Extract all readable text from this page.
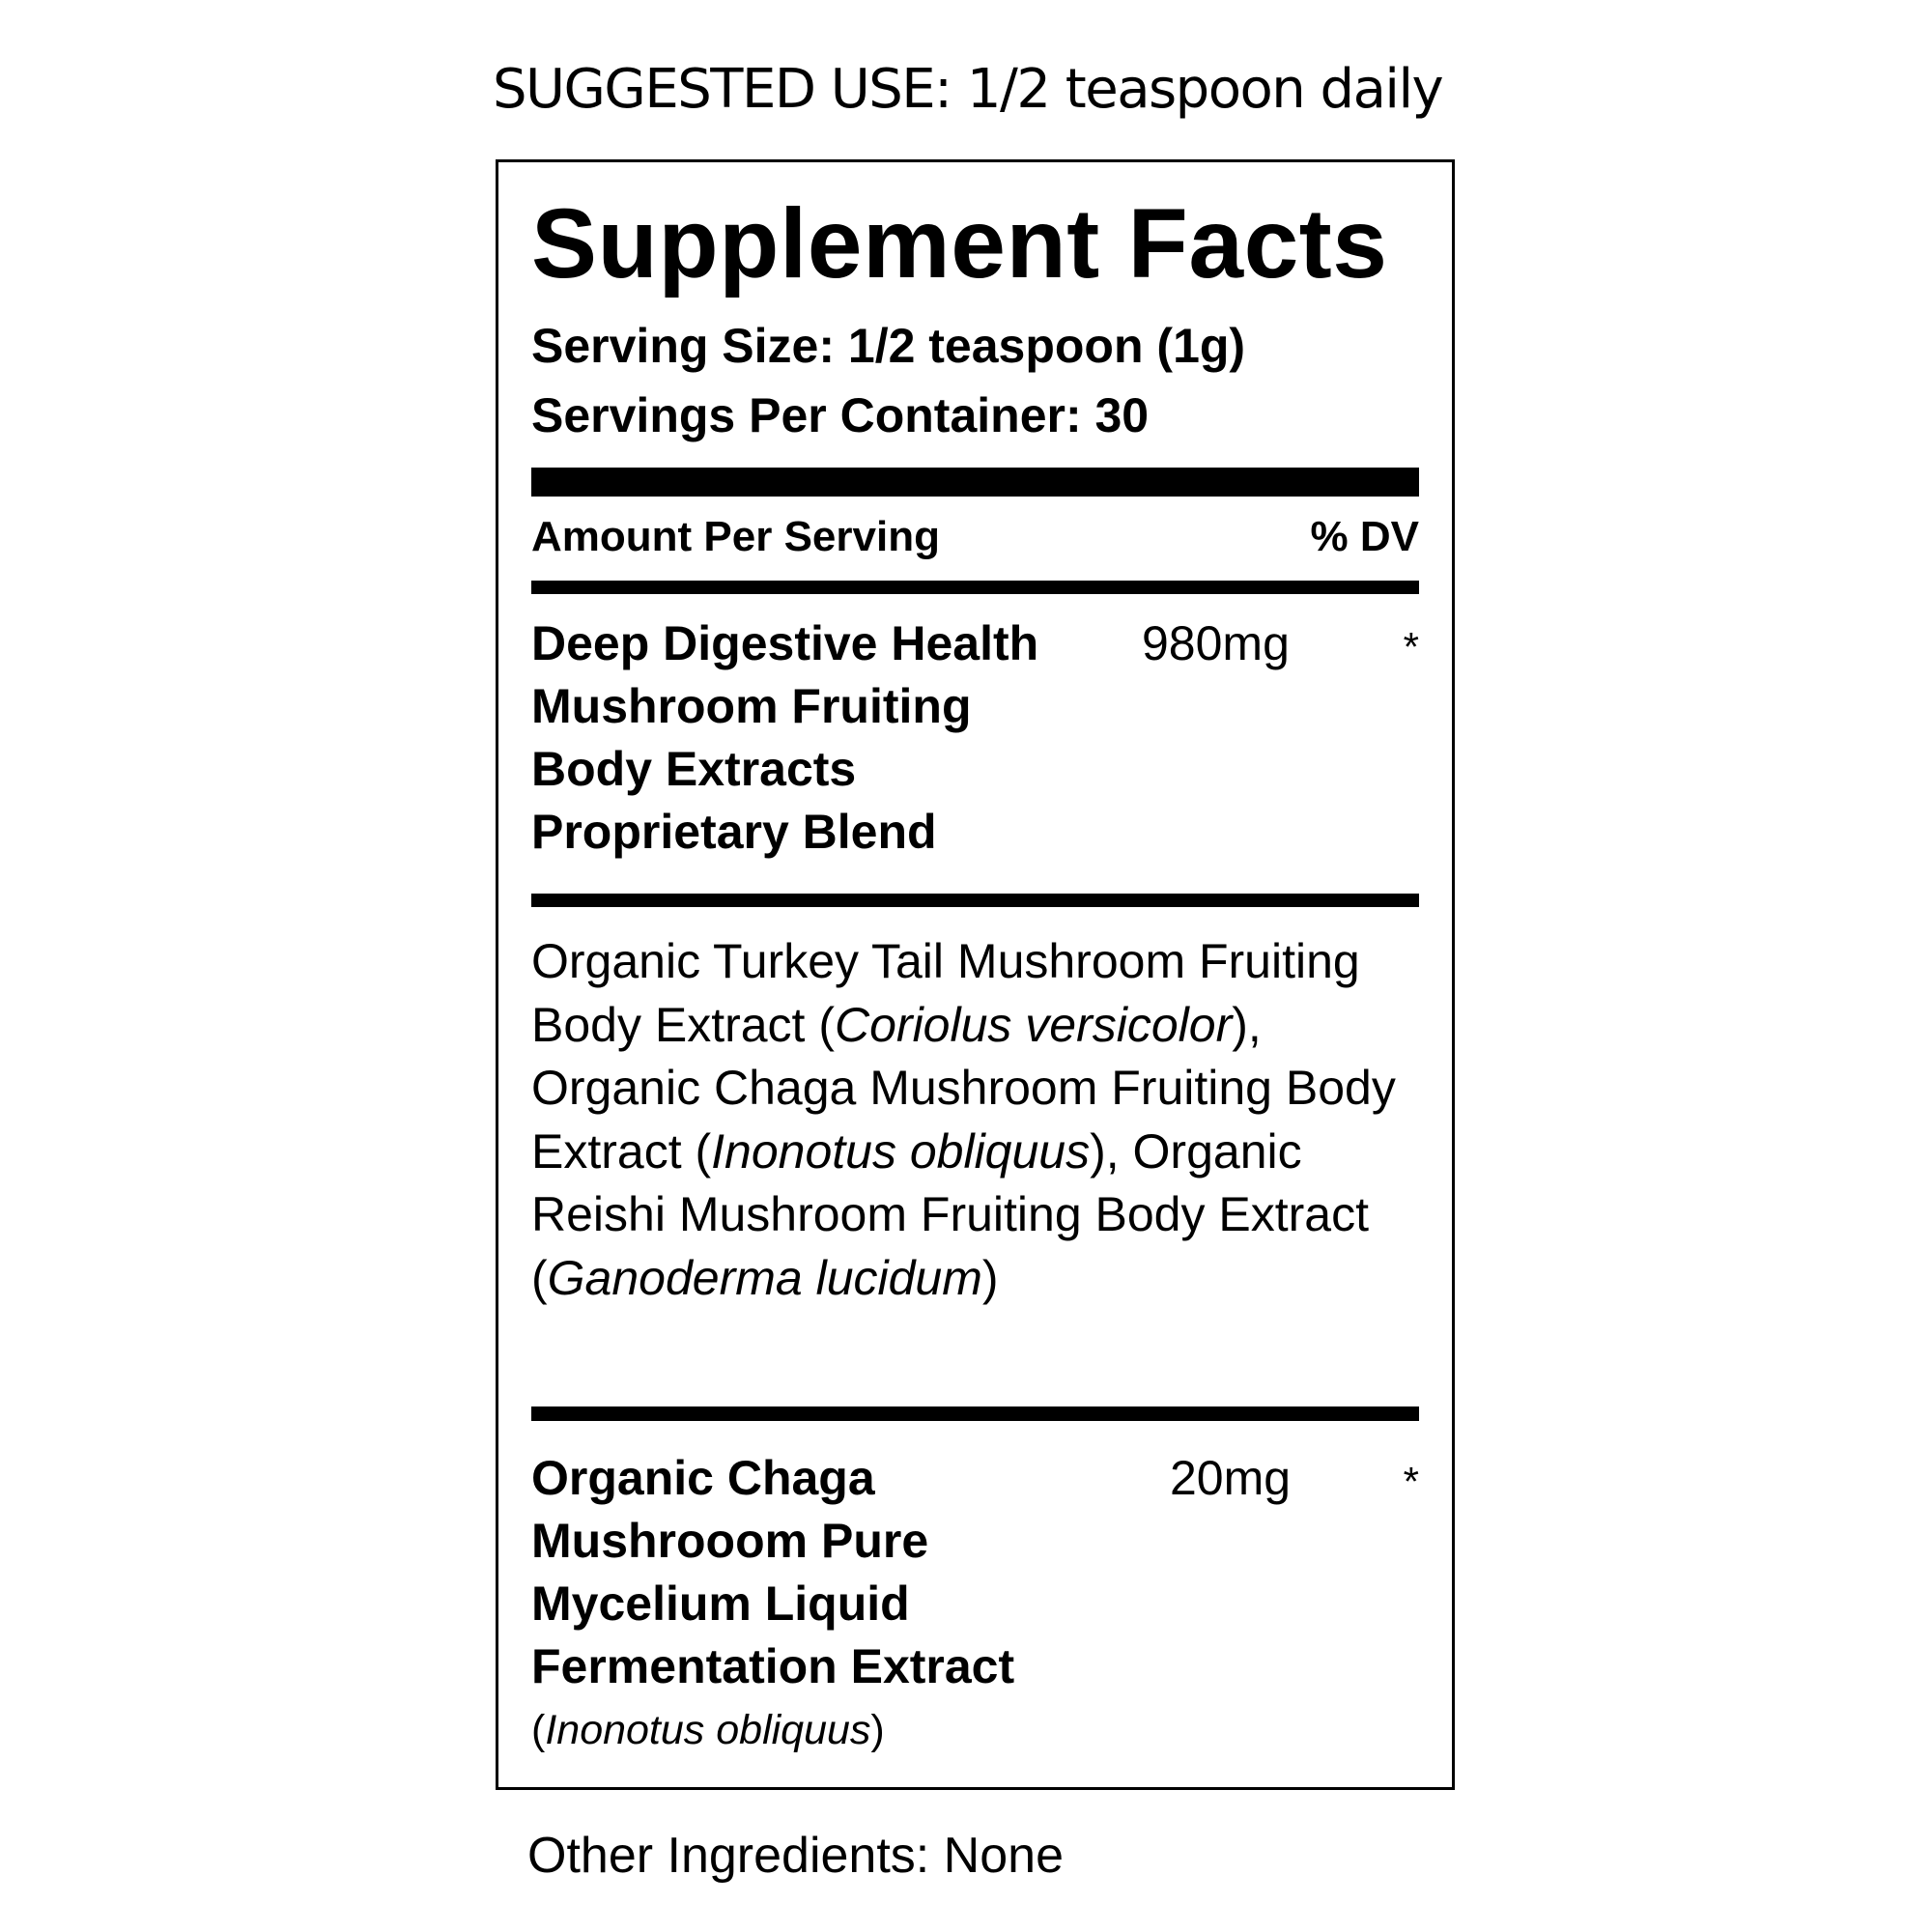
SUGGESTED USE: 1/2 teaspoon daily
Supplement Facts
Serving Size: 1/2 teaspoon (1g)
Servings Per Container: 30
Amount Per Serving	% DV
Deep Digestive Health
Mushroom Fruiting
Body Extracts
Proprietary Blend
980mg	*
Organic Turkey Tail Mushroom Fruiting Body Extract (Coriolus versicolor), Organic Chaga Mushroom Fruiting Body Extract (Inonotus obliquus), Organic Reishi Mushroom Fruiting Body Extract (Ganoderma lucidum)
Organic Chaga
Mushrooom Pure
Mycelium Liquid
Fermentation Extract
20mg	*
(Inonotus obliquus)
Other Ingredients: None
